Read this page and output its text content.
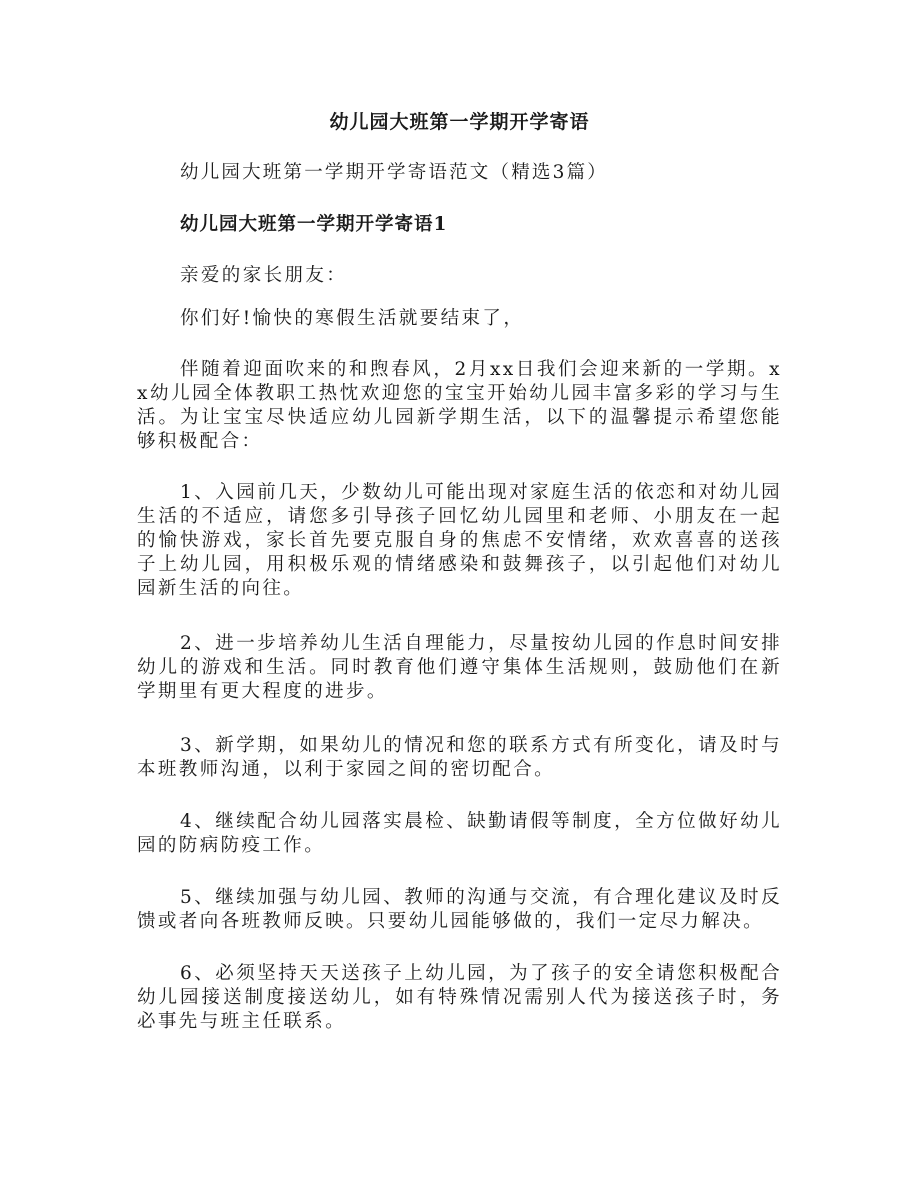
幼儿园大班第一学期开学寄语

幼儿园大班第一学期开学寄语范文（精选3篇）

幼儿园大班第一学期开学寄语1

亲爱的家长朋友：

你们好!愉快的寒假生活就要结束了，

伴随着迎面吹来的和煦春风，2月xx日我们会迎来新的一学期。xx幼儿园全体教职工热忱欢迎您的宝宝开始幼儿园丰富多彩的学习与生活。为让宝宝尽快适应幼儿园新学期生活，以下的温馨提示希望您能够积极配合：

1、入园前几天，少数幼儿可能出现对家庭生活的依恋和对幼儿园生活的不适应，请您多引导孩子回忆幼儿园里和老师、小朋友在一起的愉快游戏，家长首先要克服自身的焦虑不安情绪，欢欢喜喜的送孩子上幼儿园，用积极乐观的情绪感染和鼓舞孩子，以引起他们对幼儿园新生活的向往。

2、进一步培养幼儿生活自理能力，尽量按幼儿园的作息时间安排幼儿的游戏和生活。同时教育他们遵守集体生活规则，鼓励他们在新学期里有更大程度的进步。

3、新学期，如果幼儿的情况和您的联系方式有所变化，请及时与本班教师沟通，以利于家园之间的密切配合。

4、继续配合幼儿园落实晨检、缺勤请假等制度，全方位做好幼儿园的防病防疫工作。

5、继续加强与幼儿园、教师的沟通与交流，有合理化建议及时反馈或者向各班教师反映。只要幼儿园能够做的，我们一定尽力解决。

6、必须坚持天天送孩子上幼儿园，为了孩子的安全请您积极配合幼儿园接送制度接送幼儿，如有特殊情况需别人代为接送孩子时，务必事先与班主任联系。
